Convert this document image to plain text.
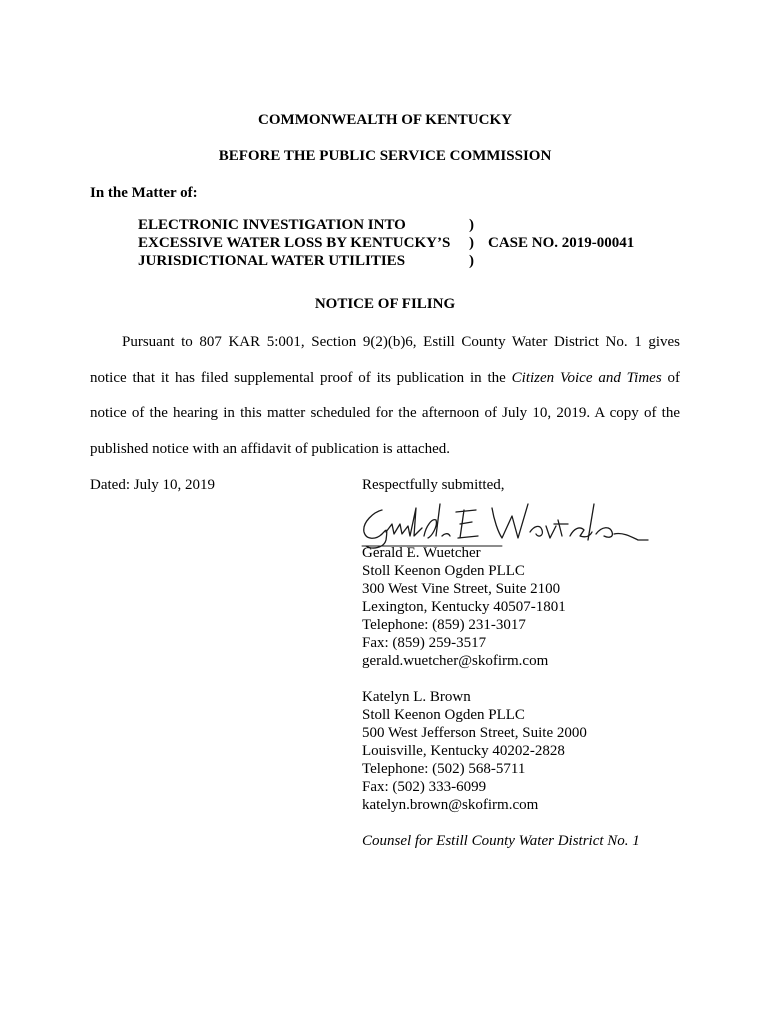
COMMONWEALTH OF KENTUCKY
BEFORE THE PUBLIC SERVICE COMMISSION
In the Matter of:
ELECTRONIC INVESTIGATION INTO
EXCESSIVE WATER LOSS BY KENTUCKY’S
JURISDICTIONAL WATER UTILITIES
)
)
)
CASE NO. 2019-00041
NOTICE OF FILING
Pursuant to 807 KAR 5:001, Section 9(2)(b)6, Estill County Water District No. 1 gives
notice that it has filed supplemental proof of its publication in the Citizen Voice and Times of
notice of the hearing in this matter scheduled for the afternoon of July 10, 2019. A copy of the
published notice with an affidavit of publication is attached.
Dated: July 10, 2019	Respectfully submitted,
Gerald E. Wuetcher
Stoll Keenon Ogden PLLC
300 West Vine Street, Suite 2100
Lexington, Kentucky 40507-1801
Telephone: (859) 231-3017
Fax: (859) 259-3517
gerald.wuetcher@skofirm.com
Katelyn L. Brown
Stoll Keenon Ogden PLLC
500 West Jefferson Street, Suite 2000
Louisville, Kentucky 40202-2828
Telephone: (502) 568-5711
Fax: (502) 333-6099
katelyn.brown@skofirm.com
Counsel for Estill County Water District No. 1
